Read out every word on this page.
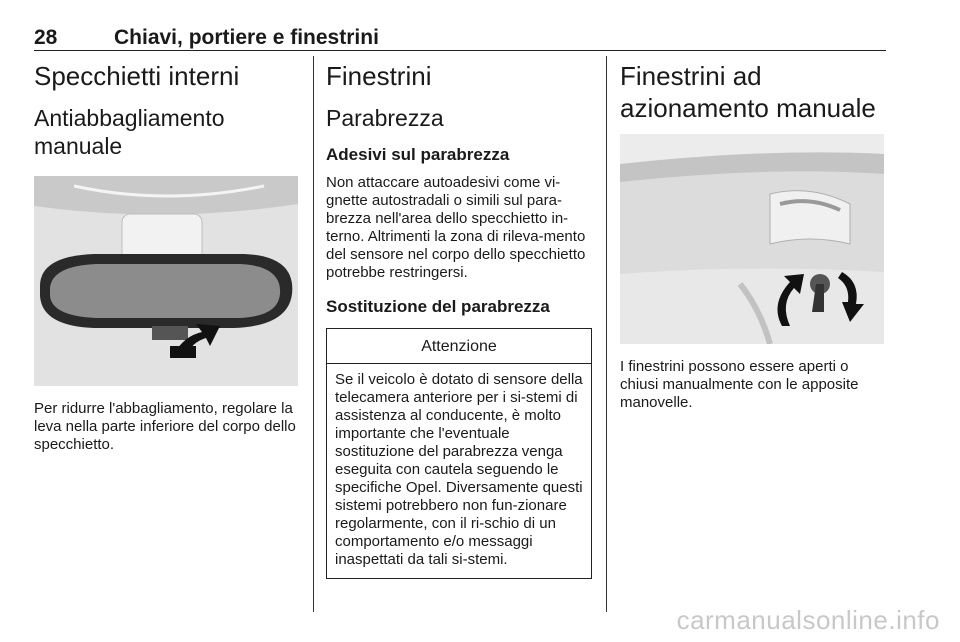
28	Chiavi, portiere e finestrini
Specchietti interni
Antiabbagliamento manuale

Per ridurre l'abbagliamento, regolare la leva nella parte inferiore del corpo dello specchietto.

Finestrini
Parabrezza
Adesivi sul parabrezza

Non attaccare autoadesivi come vi-gnette autostradali o simili sul para-brezza nell'area dello specchietto in-terno. Altrimenti la zona di rileva-mento del sensore nel corpo dello specchietto potrebbe restringersi.

Sostituzione del parabrezza
Attenzione
Se il veicolo è dotato di sensore della telecamera anteriore per i si-stemi di assistenza al conducente, è molto importante che l'eventuale sostituzione del parabrezza venga eseguita con cautela seguendo le specifiche Opel. Diversamente questi sistemi potrebbero non fun-zionare regolarmente, con il ri-schio di un comportamento e/o messaggi inaspettati da tali si-stemi.
Finestrini ad azionamento manuale

I finestrini possono essere aperti o chiusi manualmente con le apposite manovelle.

carmanualsonline.info
